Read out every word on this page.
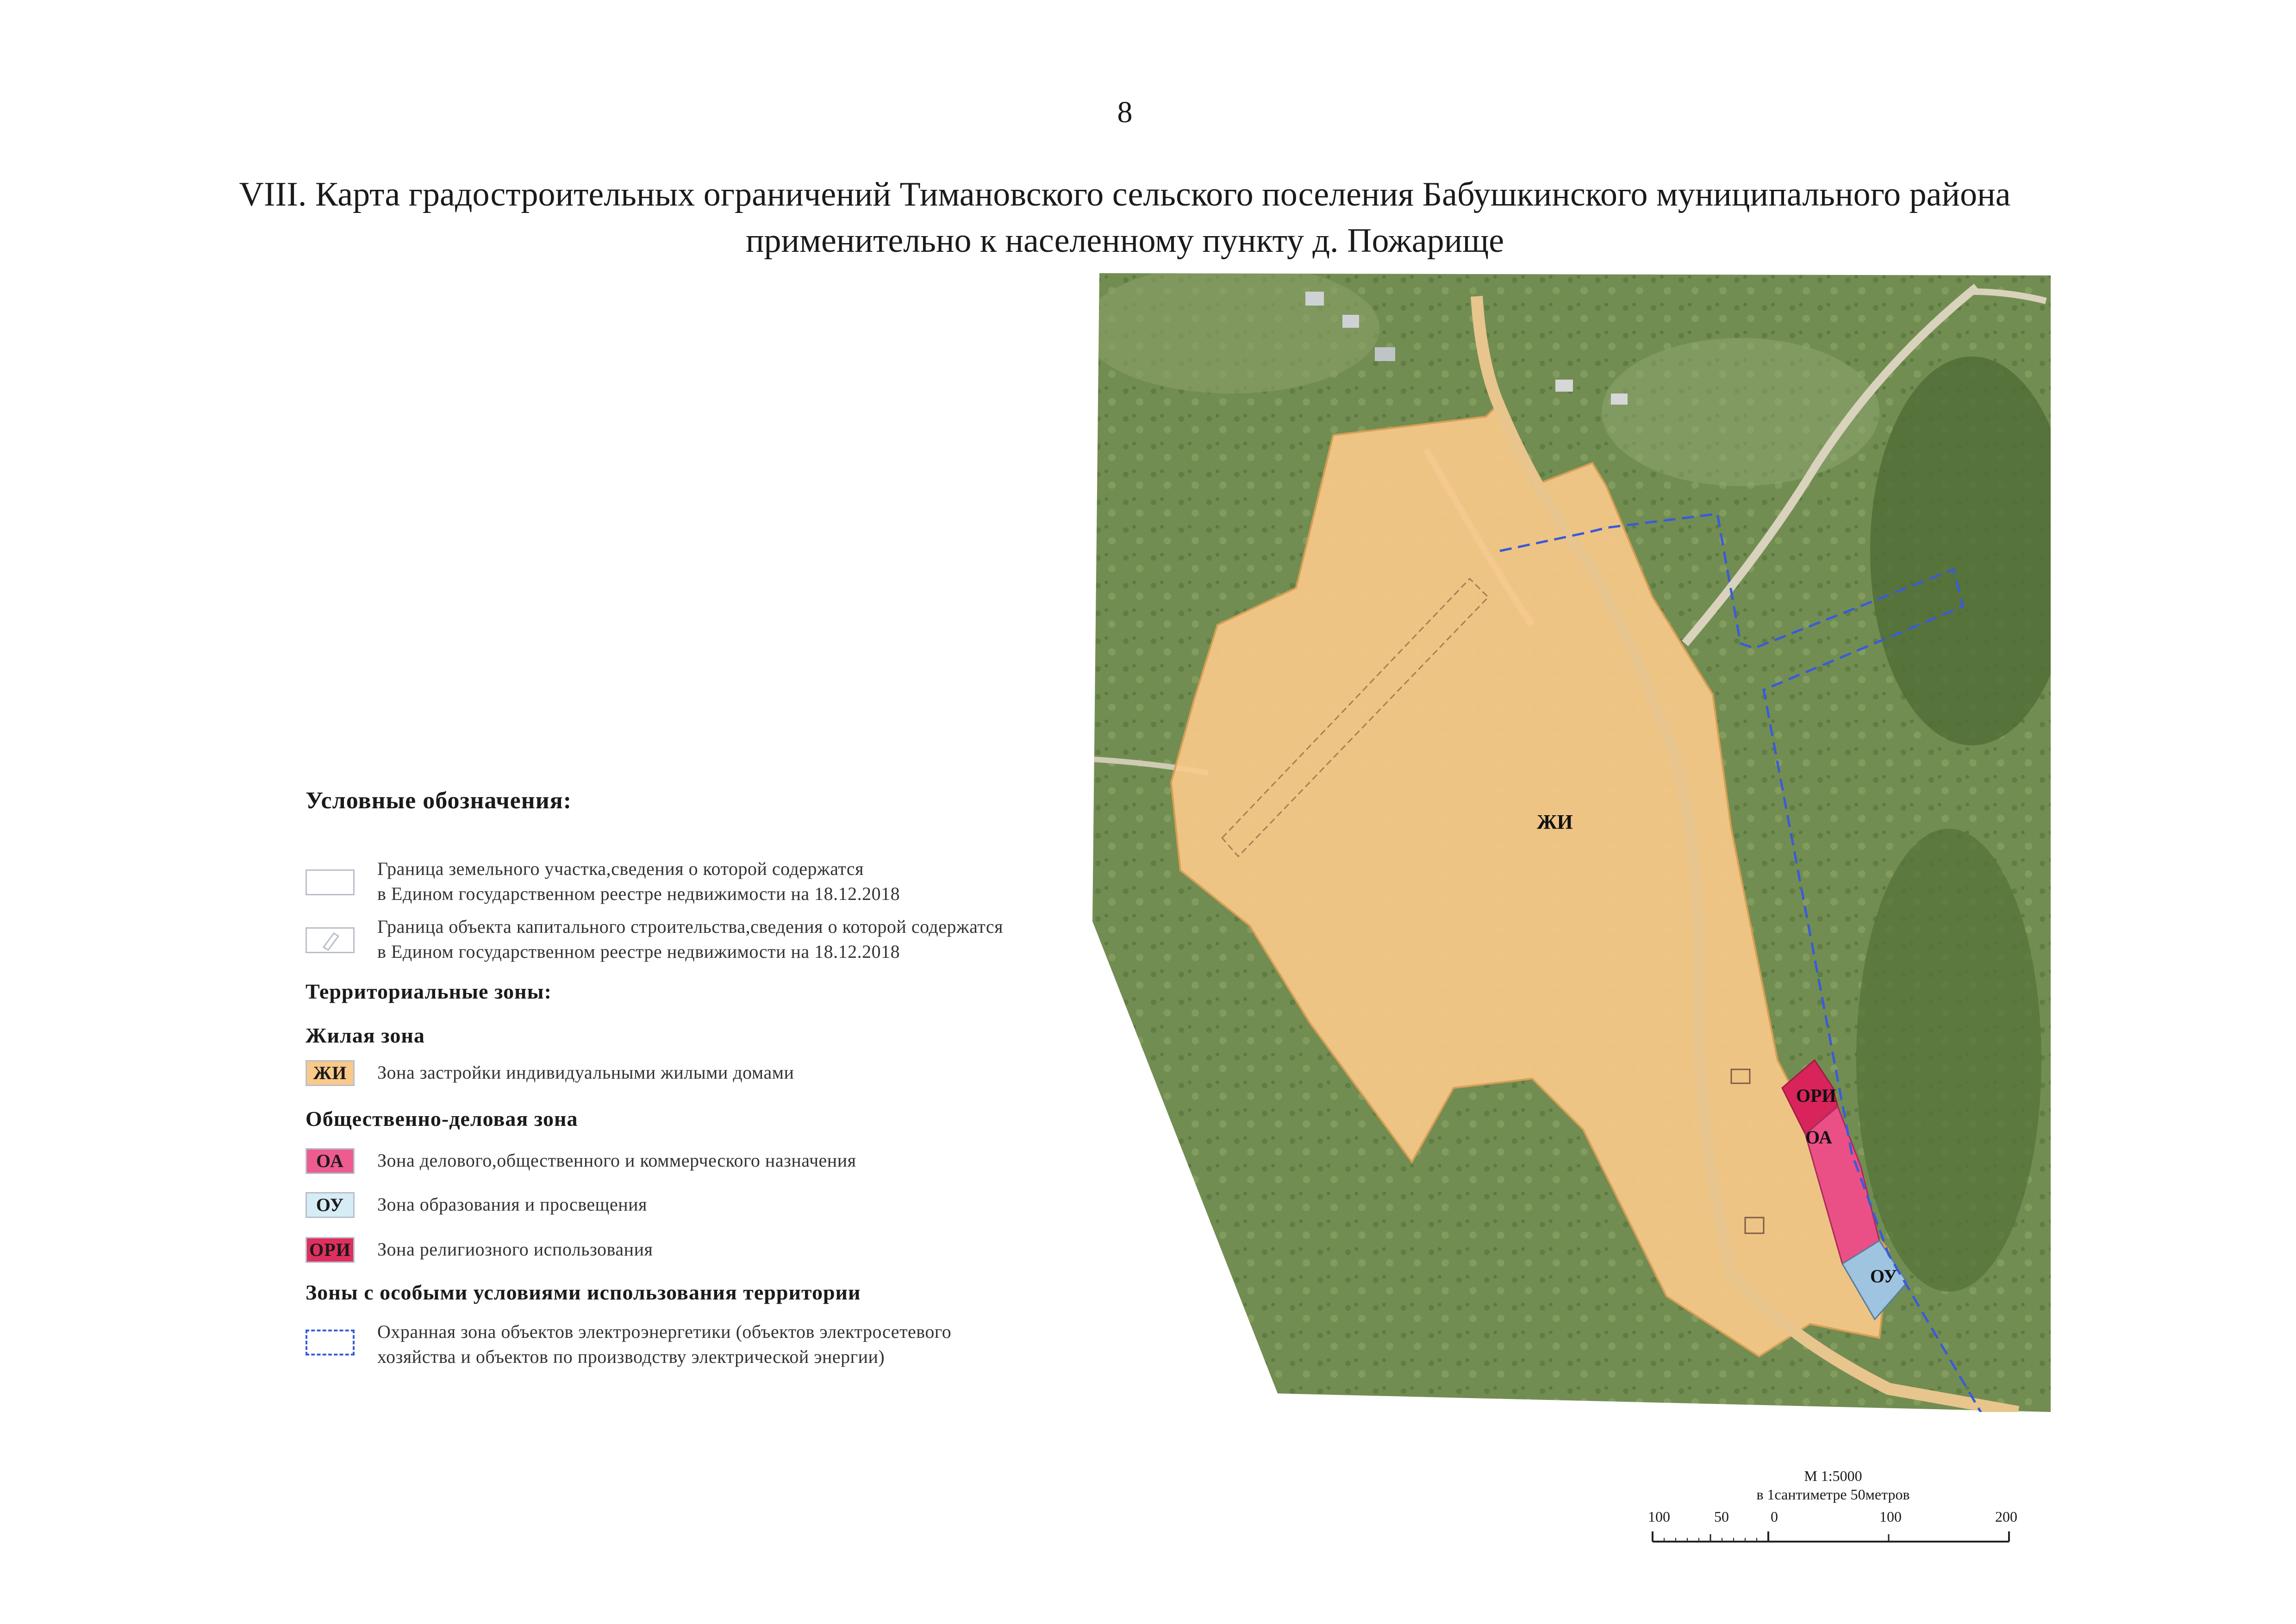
8
VIII. Карта градостроительных ограничений Тимановского сельского поселения Бабушкинского муниципального района
применительно к населенному пункту д. Пожарище
ЖИ
ОРИ
ОА
ОУ
Условные обозначения:
Граница земельного участка,сведения о которой содержатся
в Едином государственном реестре недвижимости на 18.12.2018
Граница объекта капитального строительства,сведения о которой содержатся
в Едином государственном реестре недвижимости на 18.12.2018
Территориальные зоны:
Жилая зона
ЖИ	Зона застройки индивидуальными жилыми домами
Общественно-деловая зона
ОА	Зона делового,общественного и коммерческого назначения
ОУ	Зона образования и просвещения
ОРИ Зона религиозного использования
Зоны с особыми условиями использования территории
Охранная зона объектов электроэнергетики (объектов электросетевого
хозяйства и объектов по производству электрической энергии)
М 1:5000
в 1сантиметре 50метров
100	50	0	100	200
